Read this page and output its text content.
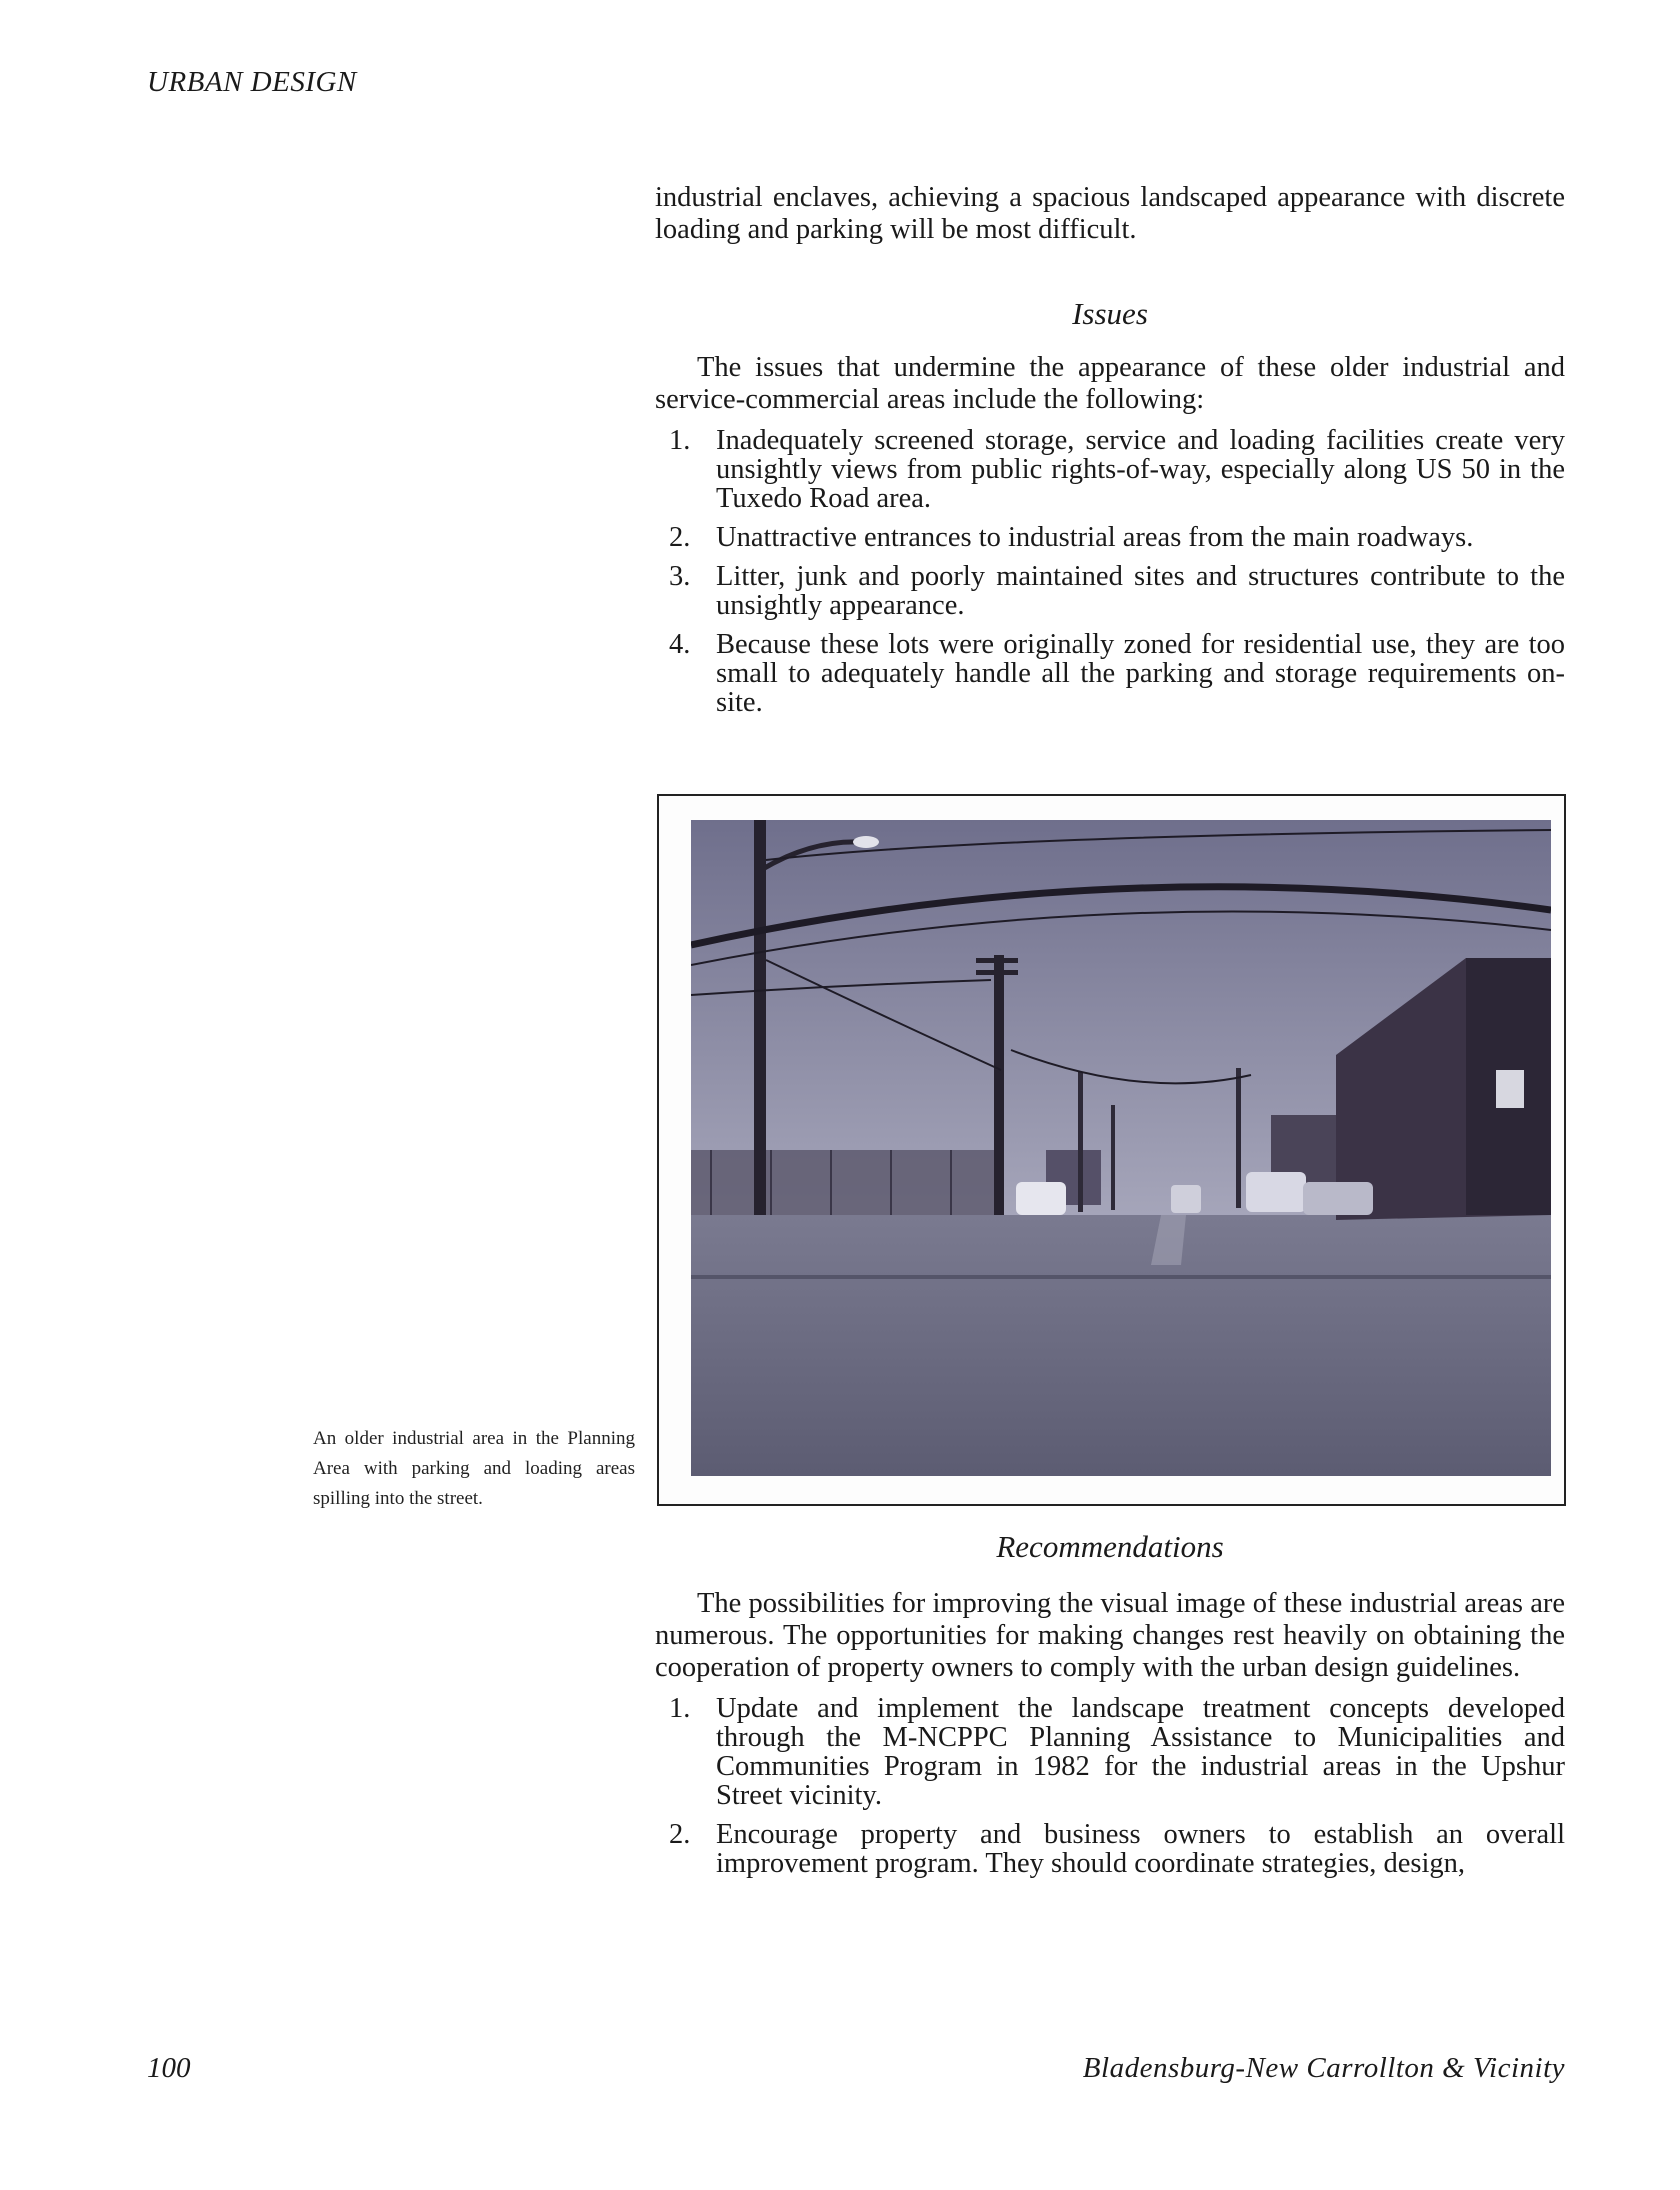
URBAN DESIGN
industrial enclaves, achieving a spacious landscaped appearance with discrete loading and parking will be most difficult.
Issues
The issues that undermine the appearance of these older industrial and service-commercial areas include the following:
1. Inadequately screened storage, service and loading facilities create very unsightly views from public rights-of-way, especially along US 50 in the Tuxedo Road area.
2. Unattractive entrances to industrial areas from the main roadways.
3. Litter, junk and poorly maintained sites and structures contribute to the unsightly appearance.
4. Because these lots were originally zoned for residential use, they are too small to adequately handle all the parking and storage requirements on-site.
An older industrial area in the Planning Area with parking and loading areas spilling into the street.
Recommendations
The possibilities for improving the visual image of these industrial areas are numerous. The opportunities for making changes rest heavily on obtaining the cooperation of property owners to comply with the urban design guidelines.
1. Update and implement the landscape treatment concepts developed through the M-NCPPC Planning Assistance to Municipalities and Communities Program in 1982 for the industrial areas in the Upshur Street vicinity.
2. Encourage property and business owners to establish an overall improvement program. They should coordinate strategies, design,
100	Bladensburg-New Carrollton & Vicinity
